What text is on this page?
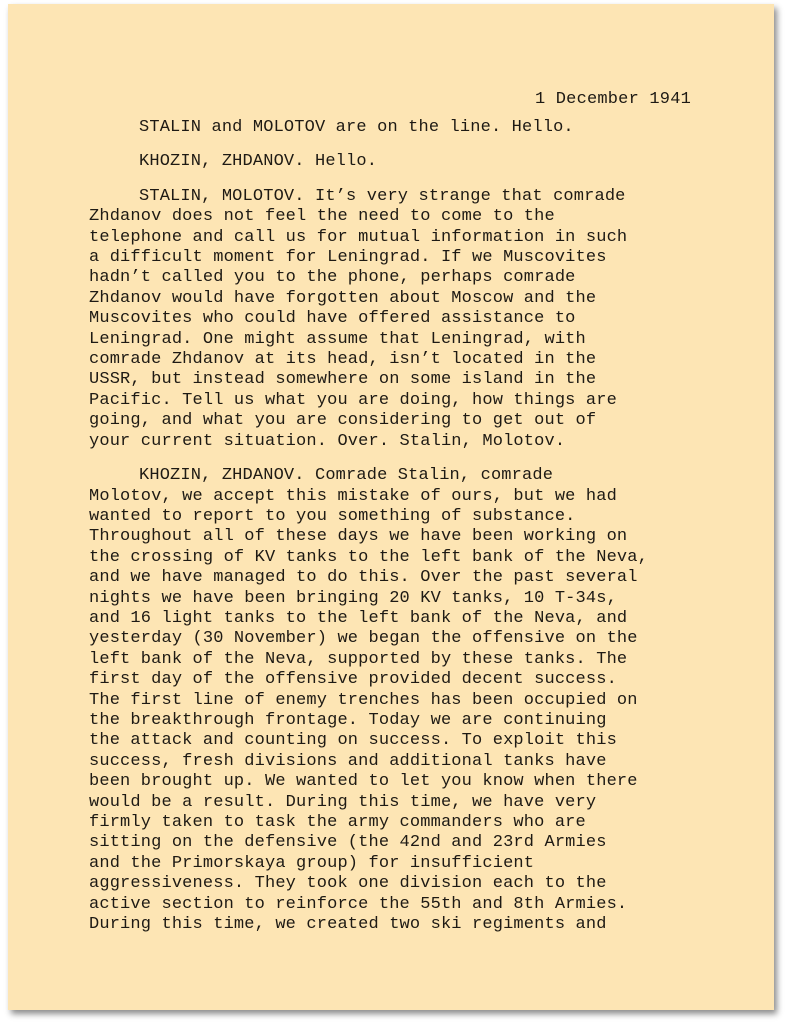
1 December 1941
STALIN and MOLOTOV are on the line. Hello.
KHOZIN, ZHDANOV. Hello.
STALIN, MOLOTOV. It’s very strange that comrade
Zhdanov does not feel the need to come to the
telephone and call us for mutual information in such
a difficult moment for Leningrad. If we Muscovites
hadn’t called you to the phone, perhaps comrade
Zhdanov would have forgotten about Moscow and the
Muscovites who could have offered assistance to
Leningrad. One might assume that Leningrad, with
comrade Zhdanov at its head, isn’t located in the
USSR, but instead somewhere on some island in the
Pacific. Tell us what you are doing, how things are
going, and what you are considering to get out of
your current situation. Over. Stalin, Molotov.
KHOZIN, ZHDANOV. Comrade Stalin, comrade
Molotov, we accept this mistake of ours, but we had
wanted to report to you something of substance.
Throughout all of these days we have been working on
the crossing of KV tanks to the left bank of the Neva,
and we have managed to do this. Over the past several
nights we have been bringing 20 KV tanks, 10 T-34s,
and 16 light tanks to the left bank of the Neva, and
yesterday (30 November) we began the offensive on the
left bank of the Neva, supported by these tanks. The
first day of the offensive provided decent success.
The first line of enemy trenches has been occupied on
the breakthrough frontage. Today we are continuing
the attack and counting on success. To exploit this
success, fresh divisions and additional tanks have
been brought up. We wanted to let you know when there
would be a result. During this time, we have very
firmly taken to task the army commanders who are
sitting on the defensive (the 42nd and 23rd Armies
and the Primorskaya group) for insufficient
aggressiveness. They took one division each to the
active section to reinforce the 55th and 8th Armies.
During this time, we created two ski regiments and
